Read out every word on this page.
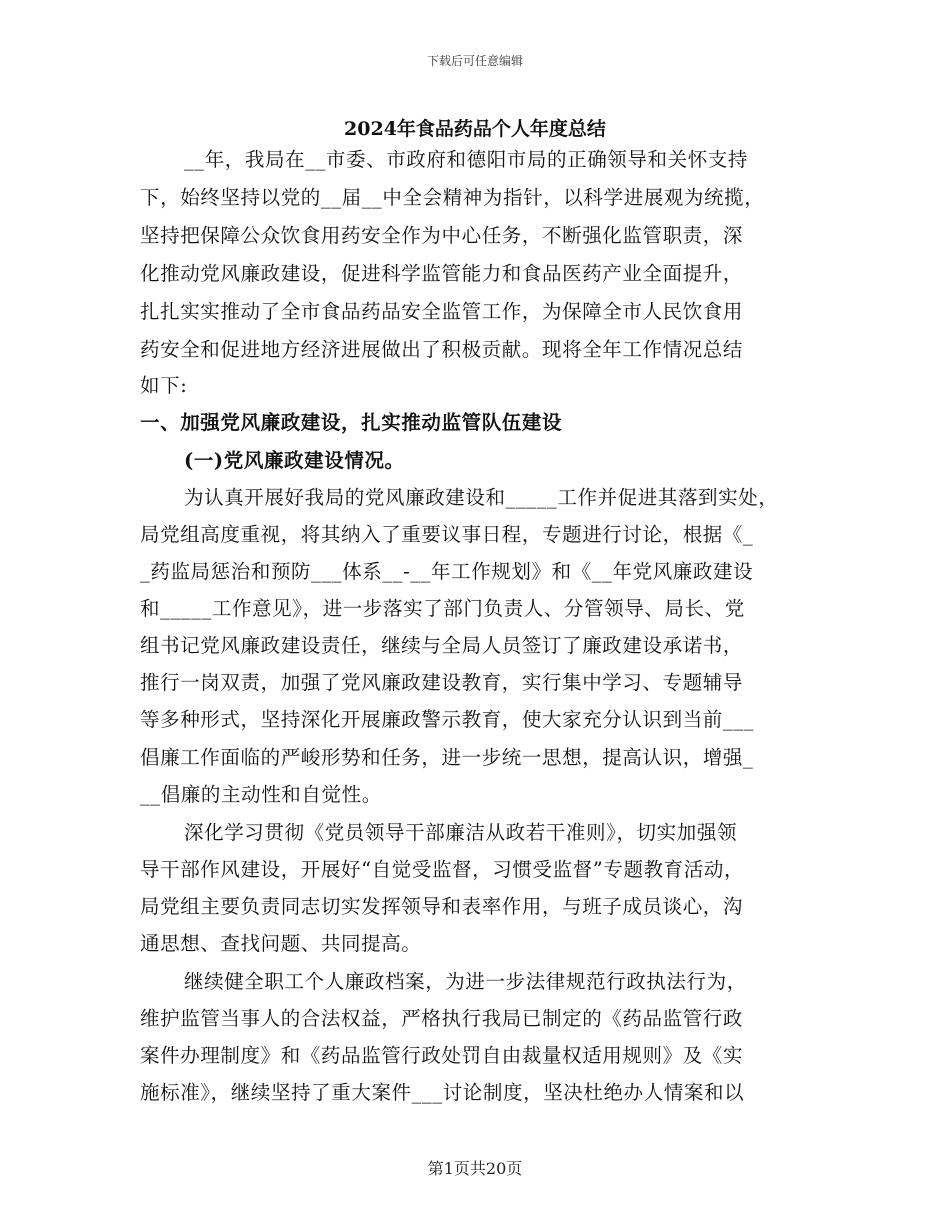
下载后可任意编辑
2024年食品药品个人年度总结
__年，我局在__市委、市政府和德阳市局的正确领导和关怀支持
下，始终坚持以党的__届__中全会精神为指针，以科学进展观为统揽，
坚持把保障公众饮食用药安全作为中心任务，不断强化监管职责，深
化推动党风廉政建设，促进科学监管能力和食品医药产业全面提升，
扎扎实实推动了全市食品药品安全监管工作，为保障全市人民饮食用
药安全和促进地方经济进展做出了积极贡献。现将全年工作情况总结
如下:
一、加强党风廉政建设，扎实推动监管队伍建设
(一)党风廉政建设情况。
为认真开展好我局的党风廉政建设和_____工作并促进其落到实处，
局党组高度重视，将其纳入了重要议事日程，专题进行讨论，根据《_
_药监局惩治和预防___体系__-__年工作规划》和《__年党风廉政建设
和_____工作意见》，进一步落实了部门负责人、分管领导、局长、党
组书记党风廉政建设责任，继续与全局人员签订了廉政建设承诺书，
推行一岗双责，加强了党风廉政建设教育，实行集中学习、专题辅导
等多种形式，坚持深化开展廉政警示教育，使大家充分认识到当前___
倡廉工作面临的严峻形势和任务，进一步统一思想，提高认识，增强_
__倡廉的主动性和自觉性。
深化学习贯彻《党员领导干部廉洁从政若干准则》，切实加强领
导干部作风建设，开展好“自觉受监督，习惯受监督”专题教育活动，
局党组主要负责同志切实发挥领导和表率作用，与班子成员谈心，沟
通思想、查找问题、共同提高。
继续健全职工个人廉政档案，为进一步法律规范行政执法行为，
维护监管当事人的合法权益，严格执行我局已制定的《药品监管行政
案件办理制度》和《药品监管行政处罚自由裁量权适用规则》及《实
施标准》，继续坚持了重大案件___讨论制度，坚决杜绝办人情案和以
第1页共20页
